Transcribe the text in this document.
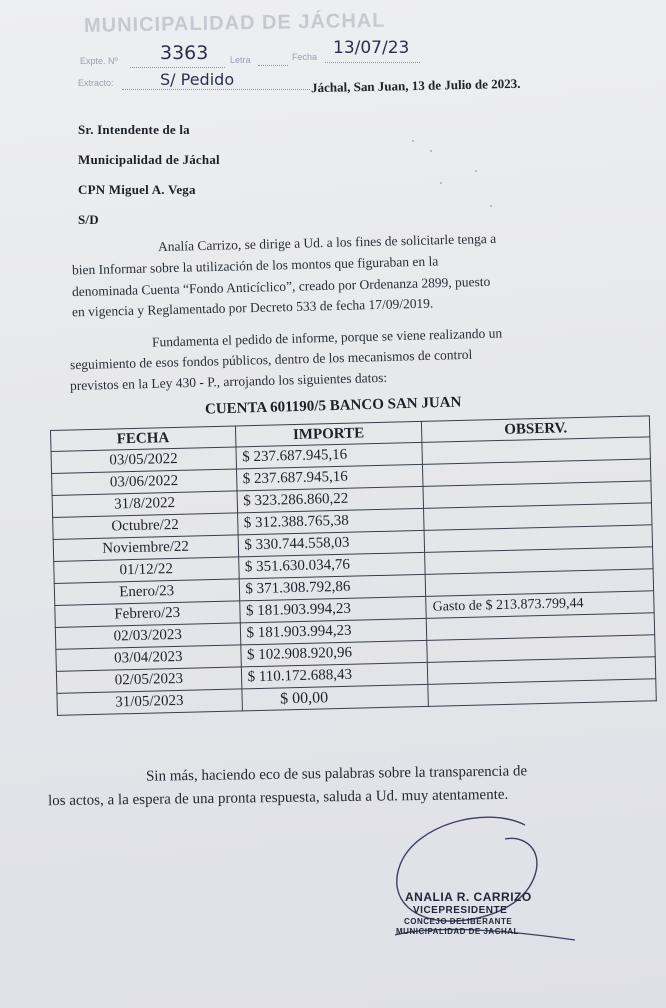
MUNICIPALIDAD DE JÁCHAL
Expte. Nº 3363 Letra	Fecha 13/07/23
Extracto:	S/ Pedido	Jáchal, San Juan, 13 de Julio de 2023.
Sr. Intendente de la
Municipalidad de Jáchal
CPN Miguel A. Vega
S/D
Analía Carrizo, se dirige a Ud. a los fines de solicitarle tenga a
bien Informar sobre la utilización de los montos que figuraban en la
denominada Cuenta “Fondo Anticíclico”, creado por Ordenanza 2899, puesto
en vigencia y Reglamentado por Decreto 533 de fecha 17/09/2019.
Fundamenta el pedido de informe, porque se viene realizando un
seguimiento de esos fondos públicos, dentro de los mecanismos de control
previstos en la Ley 430 - P., arrojando los siguientes datos:
CUENTA 601190/5 BANCO SAN JUAN
FECHA	IMPORTE	OBSERV.
03/05/2022	$ 237.687.945,16	
03/06/2022	$ 237.687.945,16	
31/8/2022	$ 323.286.860,22	
Octubre/22	$ 312.388.765,38	
Noviembre/22	$ 330.744.558,03	
01/12/22	$ 351.630.034,76	
Enero/23	$ 371.308.792,86	
Febrero/23	$ 181.903.994,23	Gasto de $ 213.873.799,44
02/03/2023	$ 181.903.994,23	
03/04/2023	$ 102.908.920,96	
02/05/2023	$ 110.172.688,43	
31/05/2023	$ 00,00	
Sin más, haciendo eco de sus palabras sobre la transparencia de
los actos, a la espera de una pronta respuesta, saluda a Ud. muy atentamente.
ANALIA R. CARRIZO
VICEPRESIDENTE
CONCEJO DELIBERANTE
MUNICIPALIDAD DE JACHAL
